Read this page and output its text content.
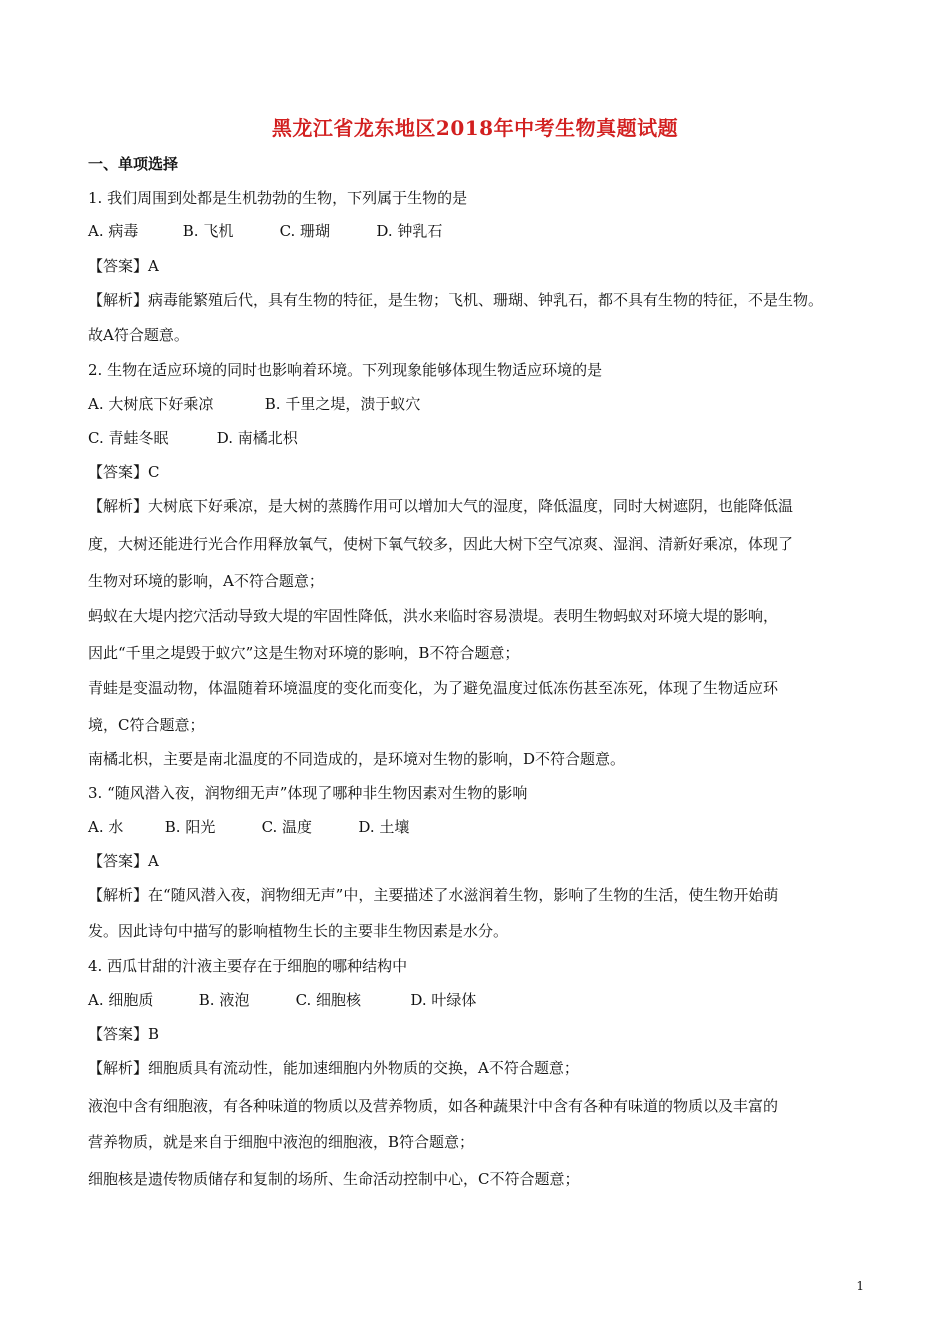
黑龙江省龙东地区2018年中考生物真题试题
一、单项选择
1. 我们周围到处都是生机勃勃的生物，下列属于生物的是
A. 病毒	B. 飞机	C. 珊瑚	D. 钟乳石
【答案】A
【解析】病毒能繁殖后代，具有生物的特征，是生物；飞机、珊瑚、钟乳石，都不具有生物的特征，不是生物。
故A符合题意。
2. 生物在适应环境的同时也影响着环境。下列现象能够体现生物适应环境的是
A. 大树底下好乘凉	B. 千里之堤，溃于蚁穴
C. 青蛙冬眠	D. 南橘北枳
【答案】C
【解析】大树底下好乘凉，是大树的蒸腾作用可以增加大气的湿度，降低温度，同时大树遮阴，也能降低温
度，大树还能进行光合作用释放氧气，使树下氧气较多，因此大树下空气凉爽、湿润、清新好乘凉，体现了
生物对环境的影响，A不符合题意；
蚂蚁在大堤内挖穴活动导致大堤的牢固性降低，洪水来临时容易溃堤。表明生物蚂蚁对环境大堤的影响，
因此“千里之堤毁于蚁穴”这是生物对环境的影响，B不符合题意；
青蛙是变温动物，体温随着环境温度的变化而变化，为了避免温度过低冻伤甚至冻死，体现了生物适应环
境，C符合题意；
南橘北枳，主要是南北温度的不同造成的，是环境对生物的影响，D不符合题意。
3. “随风潜入夜，润物细无声”体现了哪种非生物因素对生物的影响
A. 水	B. 阳光	C. 温度	D. 土壤
【答案】A
【解析】在“随风潜入夜，润物细无声”中，主要描述了水滋润着生物，影响了生物的生活，使生物开始萌
发。因此诗句中描写的影响植物生长的主要非生物因素是水分。
4. 西瓜甘甜的汁液主要存在于细胞的哪种结构中
A. 细胞质	B. 液泡	C. 细胞核	D. 叶绿体
【答案】B
【解析】细胞质具有流动性，能加速细胞内外物质的交换，A不符合题意；
液泡中含有细胞液，有各种味道的物质以及营养物质，如各种蔬果汁中含有各种有味道的物质以及丰富的
营养物质，就是来自于细胞中液泡的细胞液，B符合题意；
细胞核是遗传物质储存和复制的场所、生命活动控制中心，C不符合题意；
1
